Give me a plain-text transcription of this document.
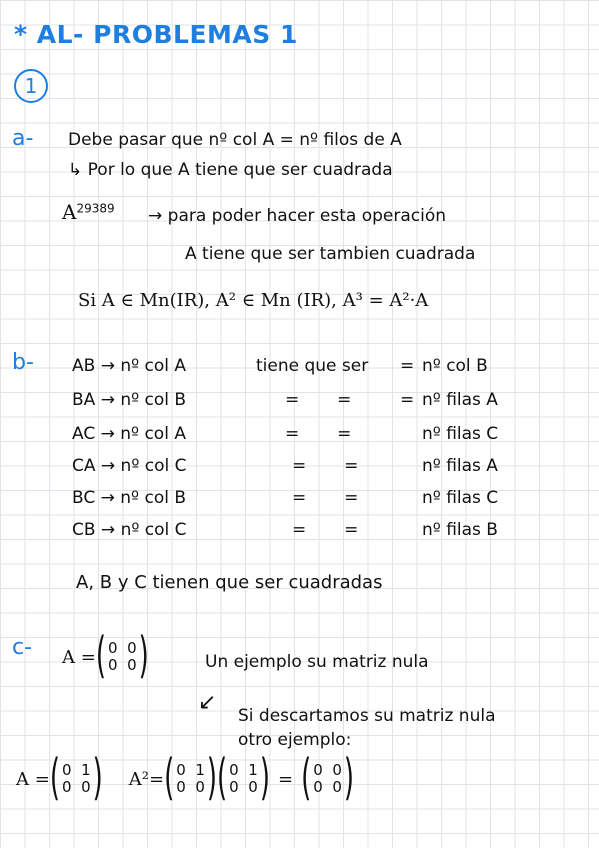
* AL- PROBLEMAS 1
1
a- Debe pasar que nº col A = nº filos de A
↳ Por lo que A tiene que ser cuadrada
$A^{29389}$ → para poder hacer esta operación
A tiene que ser tambien cuadrada
Si A ∈ Mn(IR), A² ∈ Mn (IR), A³ = A²·A
b- AB → nº col A	tiene que ser = nº col B
BA → nº col B	=       =	= nº filas A
AC → nº col A	=       =	nº filas C
CA → nº col C	=       =	nº filas A
BC → nº col B	=       =	nº filas C
CB → nº col C	=       =	nº filas B
A, B y C tienen que ser cuadradas
c- A = ( 0 0
0 0 )	Un ejemplo su matriz nula
↙
Si descartamos su matriz nula
otro ejemplo:
A = ( 0 1
0 0 ) A²= ( 0 1
0 0 ) ( 0 1
0 0 ) = ( 0 0
0 0 )
